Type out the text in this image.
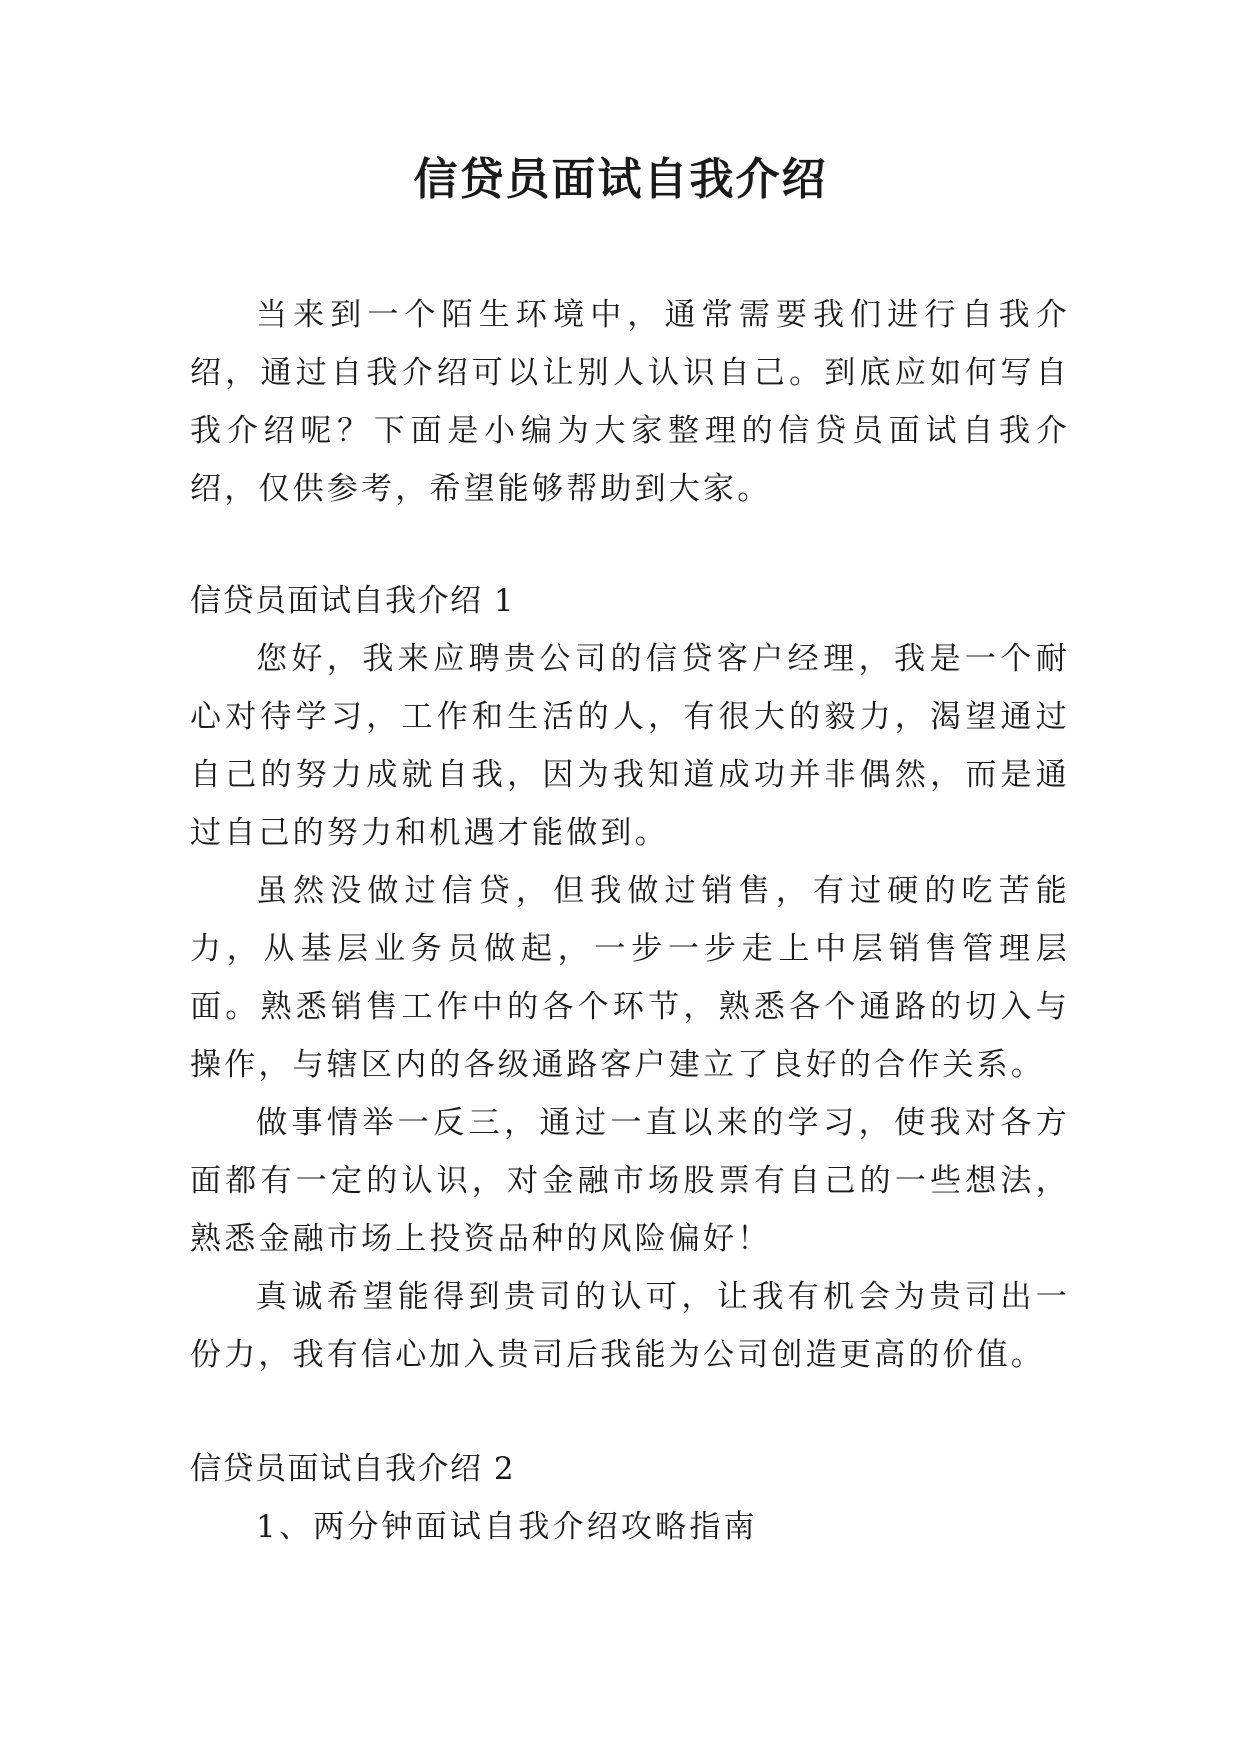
信贷员面试自我介绍

当来到一个陌生环境中，通常需要我们进行自我介绍，通过自我介绍可以让别人认识自己。到底应如何写自我介绍呢？下面是小编为大家整理的信贷员面试自我介绍，仅供参考，希望能够帮助到大家。

信贷员面试自我介绍 1

您好，我来应聘贵公司的信贷客户经理，我是一个耐心对待学习，工作和生活的人，有很大的毅力，渴望通过自己的努力成就自我，因为我知道成功并非偶然，而是通过自己的努力和机遇才能做到。

虽然没做过信贷，但我做过销售，有过硬的吃苦能力，从基层业务员做起，一步一步走上中层销售管理层面。熟悉销售工作中的各个环节，熟悉各个通路的切入与操作，与辖区内的各级通路客户建立了良好的合作关系。

做事情举一反三，通过一直以来的学习，使我对各方面都有一定的认识，对金融市场股票有自己的一些想法，熟悉金融市场上投资品种的风险偏好！

真诚希望能得到贵司的认可，让我有机会为贵司出一份力，我有信心加入贵司后我能为公司创造更高的价值。

信贷员面试自我介绍 2

1、两分钟面试自我介绍攻略指南
